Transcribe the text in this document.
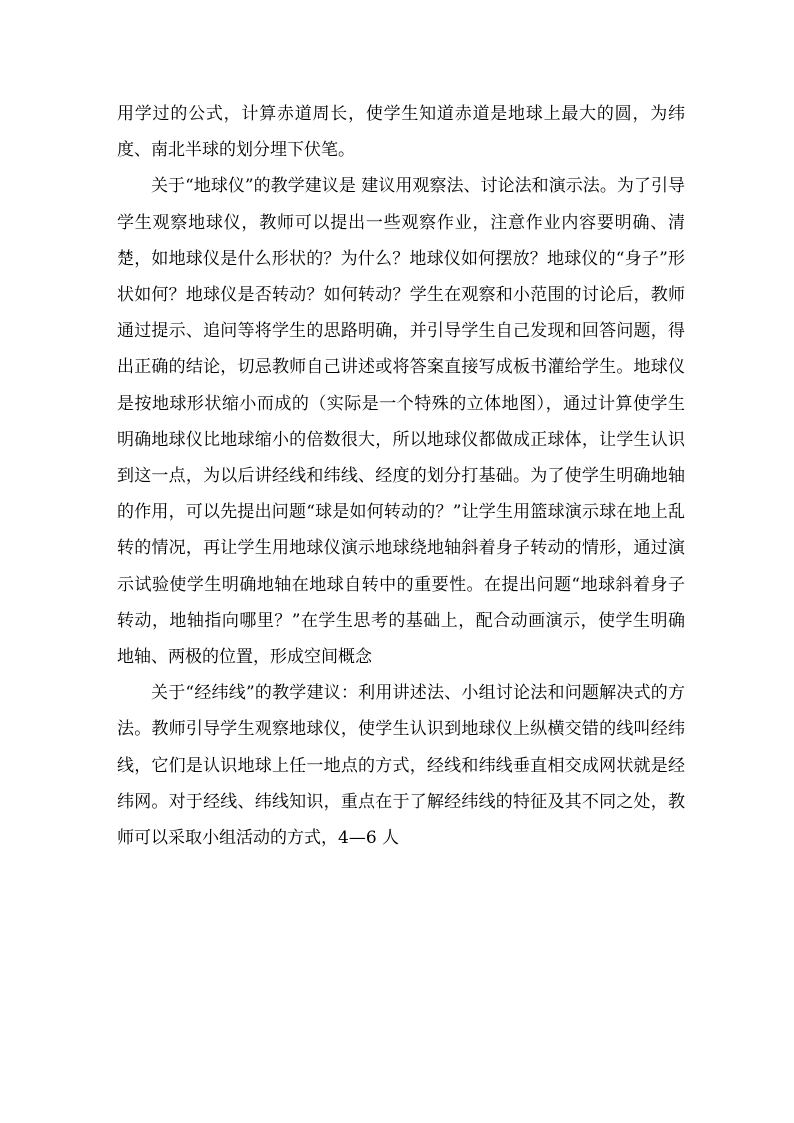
用学过的公式，计算赤道周长，使学生知道赤道是地球上最大的圆，为纬度、南北半球的划分埋下伏笔。

关于“地球仪”的教学建议是 建议用观察法、讨论法和演示法。为了引导学生观察地球仪，教师可以提出一些观察作业，注意作业内容要明确、清楚，如地球仪是什么形状的？为什么？地球仪如何摆放？地球仪的“身子”形状如何？地球仪是否转动？如何转动？学生在观察和小范围的讨论后，教师通过提示、追问等将学生的思路明确，并引导学生自己发现和回答问题，得出正确的结论，切忌教师自己讲述或将答案直接写成板书灌给学生。地球仪是按地球形状缩小而成的（实际是一个特殊的立体地图），通过计算使学生明确地球仪比地球缩小的倍数很大，所以地球仪都做成正球体，让学生认识到这一点，为以后讲经线和纬线、经度的划分打基础。为了使学生明确地轴的作用，可以先提出问题“球是如何转动的？”让学生用篮球演示球在地上乱转的情况，再让学生用地球仪演示地球绕地轴斜着身子转动的情形，通过演示试验使学生明确地轴在地球自转中的重要性。在提出问题“地球斜着身子转动，地轴指向哪里？”在学生思考的基础上，配合动画演示，使学生明确地轴、两极的位置，形成空间概念

关于“经纬线”的教学建议：利用讲述法、小组讨论法和问题解决式的方法。教师引导学生观察地球仪，使学生认识到地球仪上纵横交错的线叫经纬线，它们是认识地球上任一地点的方式，经线和纬线垂直相交成网状就是经纬网。对于经线、纬线知识，重点在于了解经纬线的特征及其不同之处，教师可以采取小组活动的方式，4—6 人
